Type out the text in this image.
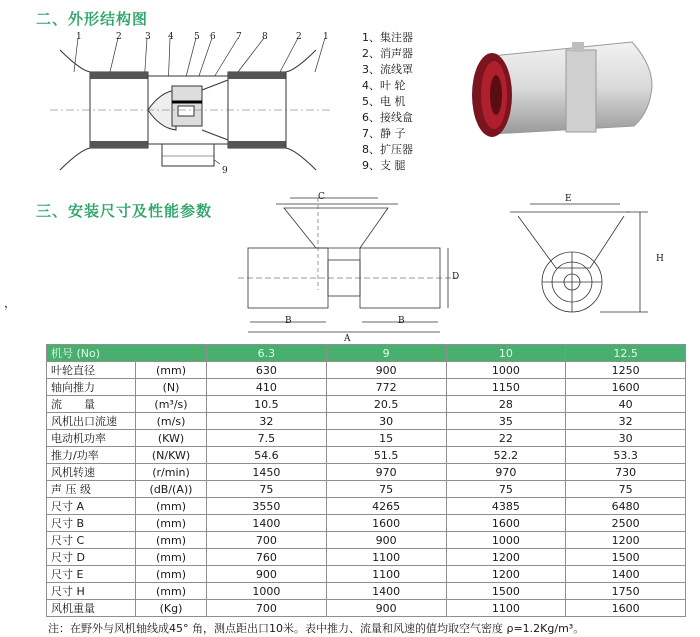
二、外形结构图
三、安装尺寸及性能参数
，
1	2	3 4 5 6 7 8	2 1
9
1、集注器
2、消声器
3、流线罩
4、叶 轮
5、电 机
6、接线盒
7、静 子
8、扩压器
9、支 腿
C
B	B
A
D
E
H
机号 (No)		6.3	9	10	12.5
叶轮直径	(mm)	630	900	1000	1250
轴向推力	(N)	410	772	1150	1600
流　　量	(m³/s)	10.5	20.5	28	40
风机出口流速	(m/s)	32	30	35	32
电动机功率	(KW)	7.5	15	22	30
推力/功率	(N/KW)	54.6	51.5	52.2	53.3
风机转速	(r/min)	1450	970	970	730
声 压 级	(dB/(A))	75	75	75	75
尺寸 A	(mm)	3550	4265	4385	6480
尺寸 B	(mm)	1400	1600	1600	2500
尺寸 C	(mm)	700	900	1000	1200
尺寸 D	(mm)	760	1100	1200	1500
尺寸 E	(mm)	900	1100	1200	1400
尺寸 H	(mm)	1000	1400	1500	1750
风机重量	(Kg)	700	900	1100	1600
注：在野外与风机轴线成45° 角，测点距出口10米。表中推力、流量和风速的值均取空气密度 ρ=1.2Kg/m³。
